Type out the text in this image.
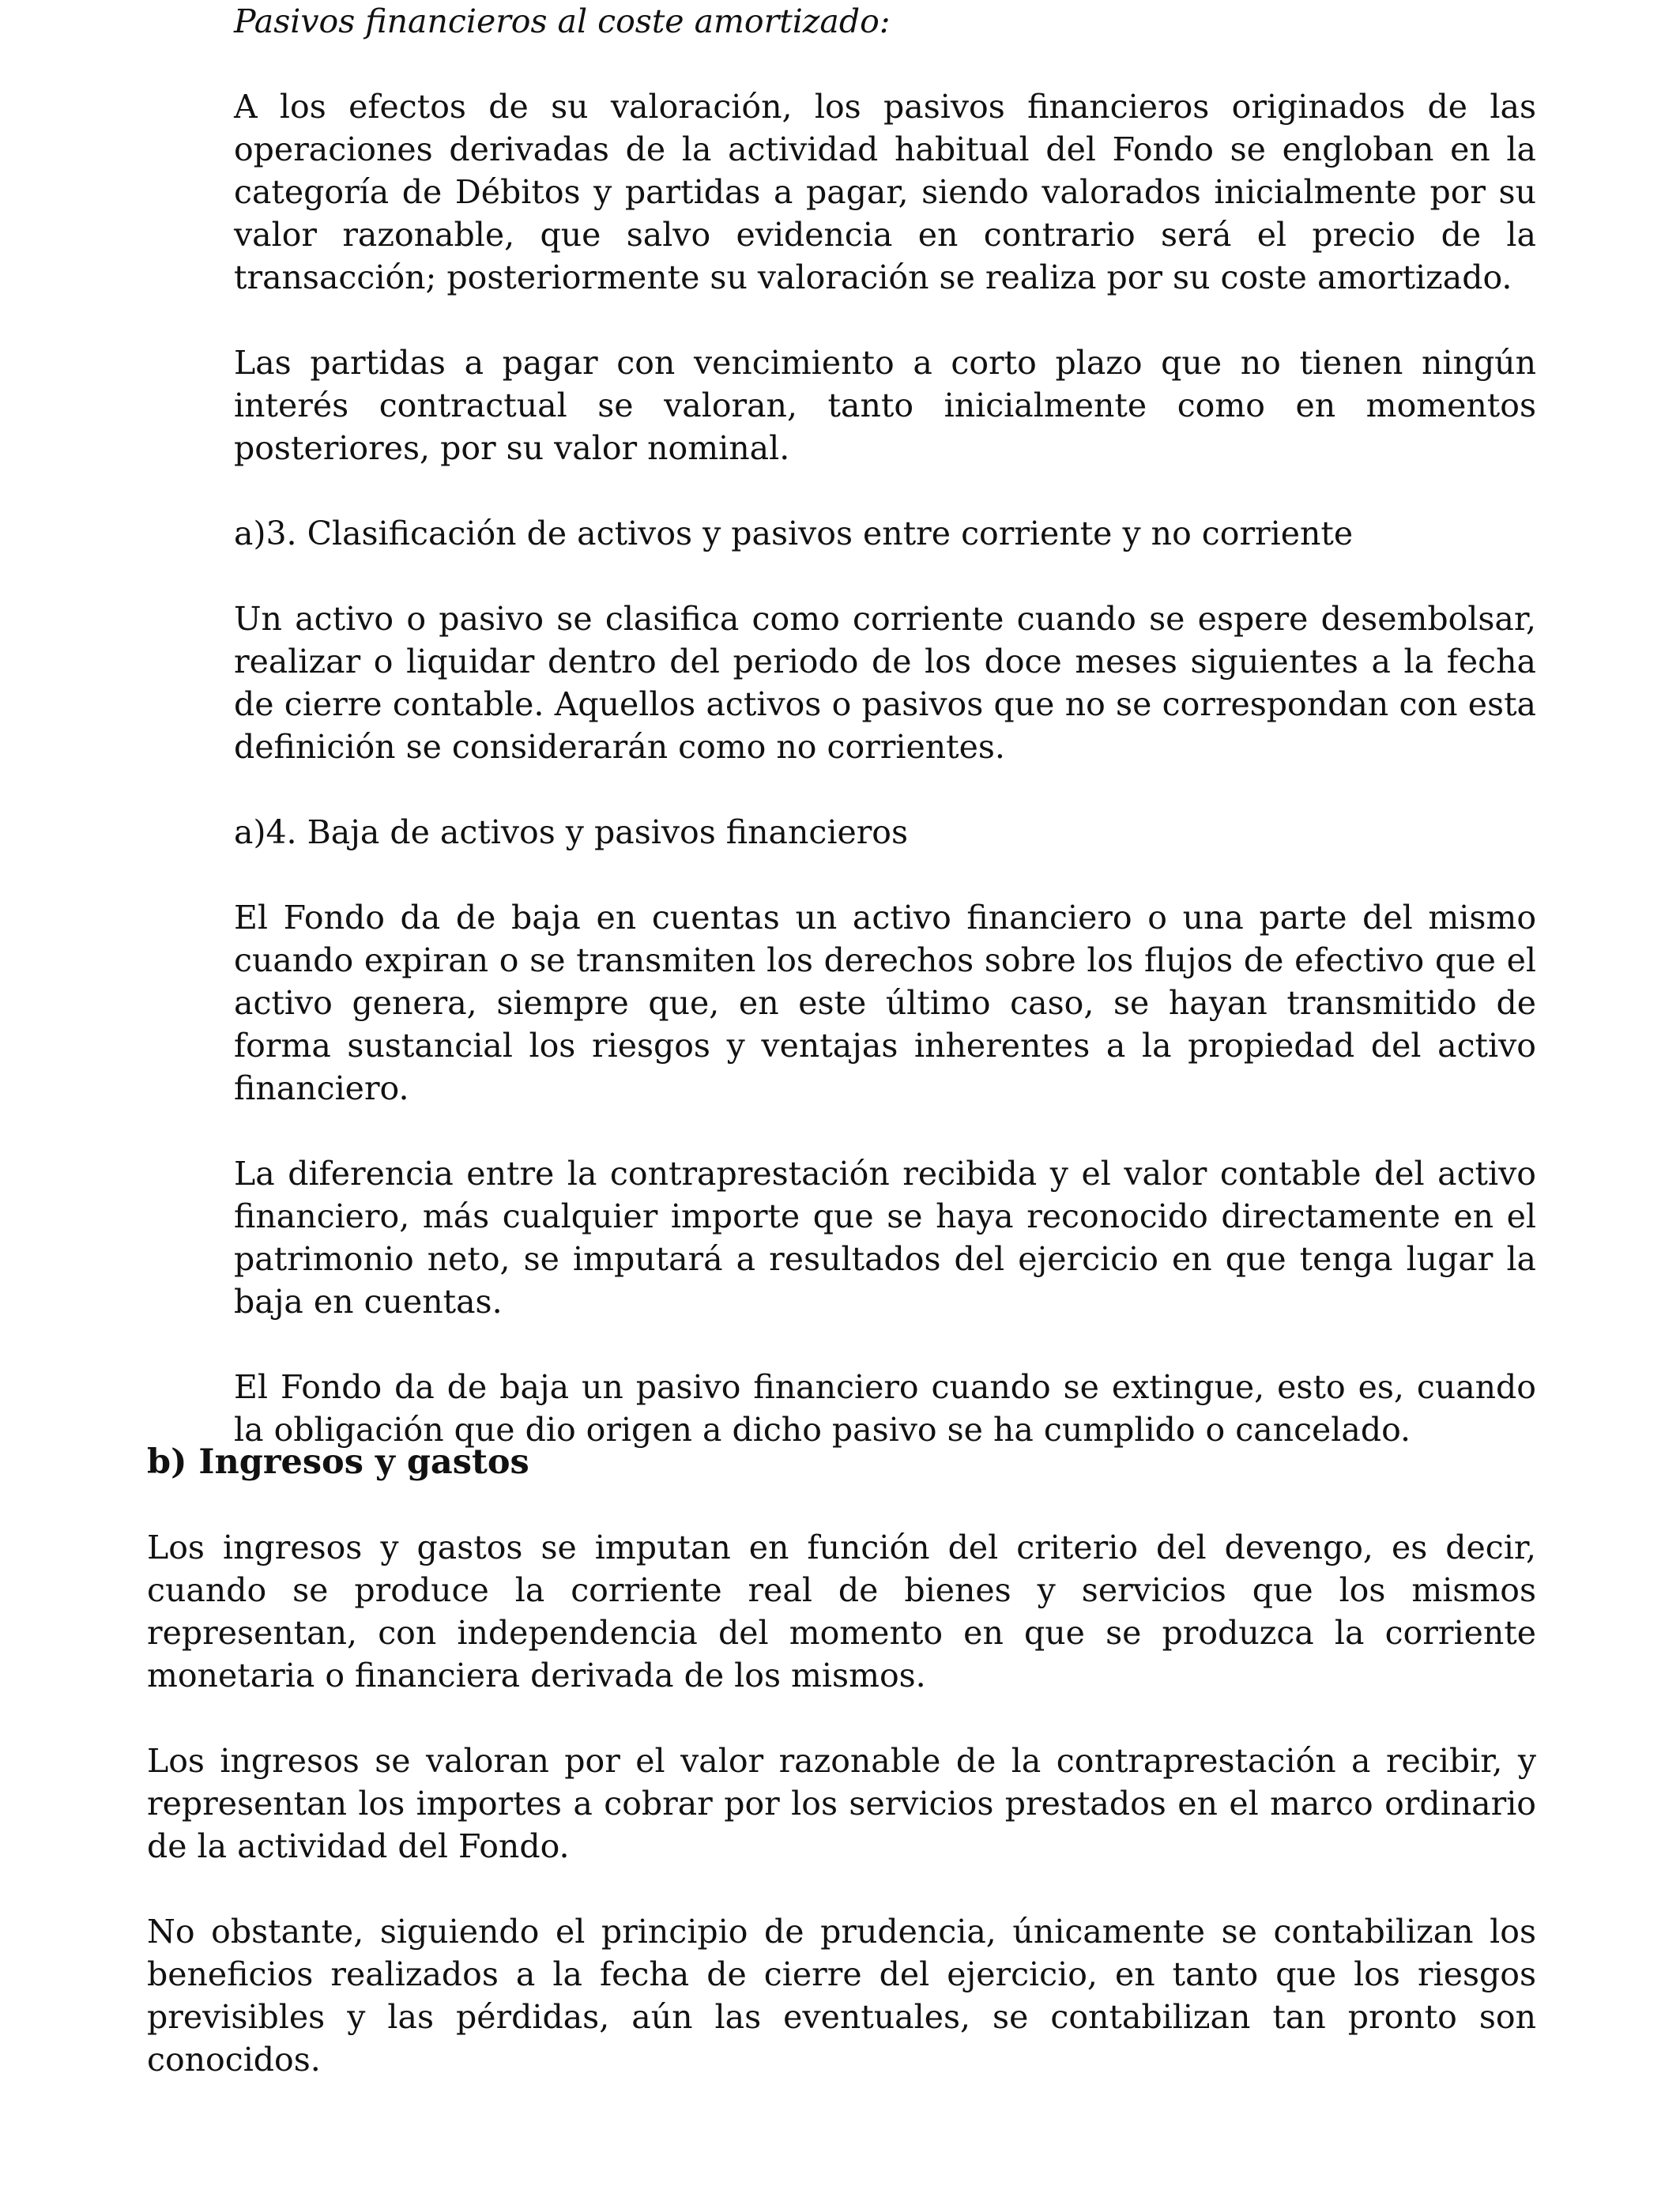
Pasivos financieros al coste amortizado:

A los efectos de su valoración, los pasivos financieros originados de las operaciones derivadas de la actividad habitual del Fondo se engloban en la categoría de Débitos y partidas a pagar, siendo valorados inicialmente por su valor razonable, que salvo evidencia en contrario será el precio de la transacción; posteriormente su valoración se realiza por su coste amortizado.

Las partidas a pagar con vencimiento a corto plazo que no tienen ningún interés contractual se valoran, tanto inicialmente como en momentos posteriores, por su valor nominal.

a)3. Clasificación de activos y pasivos entre corriente y no corriente

Un activo o pasivo se clasifica como corriente cuando se espere desembolsar, realizar o liquidar dentro del periodo de los doce meses siguientes a la fecha de cierre contable. Aquellos activos o pasivos que no se correspondan con esta definición se considerarán como no corrientes.

a)4. Baja de activos y pasivos financieros

El Fondo da de baja en cuentas un activo financiero o una parte del mismo cuando expiran o se transmiten los derechos sobre los flujos de efectivo que el activo genera, siempre que, en este último caso, se hayan transmitido de forma sustancial los riesgos y ventajas inherentes a la propiedad del activo financiero.

La diferencia entre la contraprestación recibida y el valor contable del activo financiero, más cualquier importe que se haya reconocido directamente en el patrimonio neto, se imputará a resultados del ejercicio en que tenga lugar la baja en cuentas.

El Fondo da de baja un pasivo financiero cuando se extingue, esto es, cuando la obligación que dio origen a dicho pasivo se ha cumplido o cancelado.

b) Ingresos y gastos

Los ingresos y gastos se imputan en función del criterio del devengo, es decir, cuando se produce la corriente real de bienes y servicios que los mismos representan, con independencia del momento en que se produzca la corriente monetaria o financiera derivada de los mismos.

Los ingresos se valoran por el valor razonable de la contraprestación a recibir, y representan los importes a cobrar por los servicios prestados en el marco ordinario de la actividad del Fondo.

No obstante, siguiendo el principio de prudencia, únicamente se contabilizan los beneficios realizados a la fecha de cierre del ejercicio, en tanto que los riesgos previsibles y las pérdidas, aún las eventuales, se contabilizan tan pronto son conocidos.
